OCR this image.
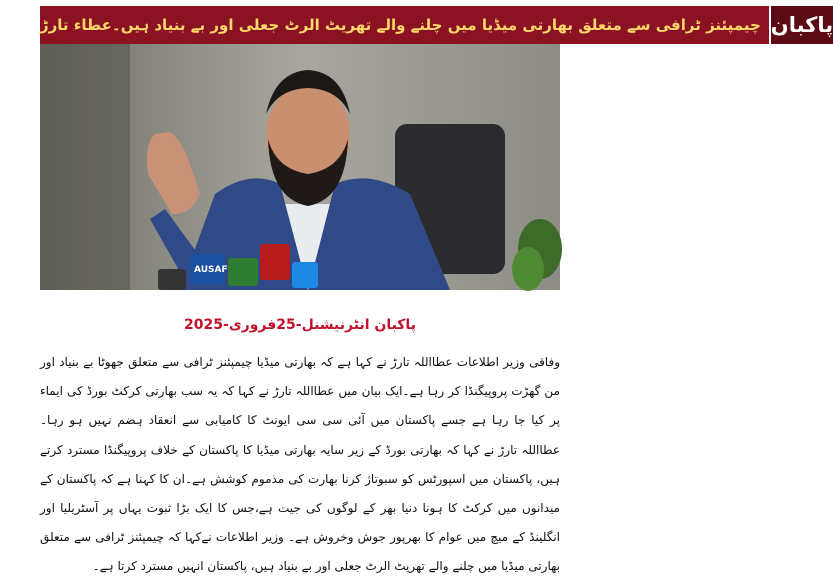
چیمپئنز ٹرافی سے متعلق بھارتی میڈیا میں چلنے والے تھریٹ الرٹ جعلی اور بے بنیاد ہیں۔عطاء تارڑ پاکبان
AUSAF
پاکبان انٹرنیشنل-25فروری-2025

وفاقی وزیر اطلاعات عطااللہ تارڑ نے کہا ہے کہ بھارتی میڈیا چیمپئنز ٹرافی سے متعلق جھوٹا بے بنیاد اور من گھڑت پروپیگنڈا کر رہا ہے۔ایک بیان میں عطااللہ تارڑ نے کہا کہ یہ سب بھارتی کرکٹ بورڈ کی ایماء پر کیا جا رہا ہے جسے پاکستان میں آئی سی سی ایونٹ کا کامیابی سے انعقاد ہضم نہیں ہو رہا۔ عطااللہ تارڑ نے کہا کہ بھارتی بورڈ کے زیر سایہ بھارتی میڈیا کا پاکستان کے خلاف پروپیگنڈا مسترد کرتے ہیں، پاکستان میں اسپورٹس کو سبوتاژ کرنا بھارت کی مذموم کوشش ہے۔ان کا کہنا ہے کہ پاکستان کے میدانوں میں کرکٹ کا ہونا دنیا بھر کے لوگوں کی جیت ہے،جس کا ایک بڑا ثبوت یہاں پر آسٹریلیا اور انگلینڈ کے میچ میں عوام کا بھرپور جوش وخروش ہے۔ وزیر اطلاعات نےکہا کہ چیمپئنز ٹرافی سے متعلق بھارتی میڈیا میں چلنے والے تھریٹ الرٹ جعلی اور بے بنیاد ہیں، پاکستان انہیں مسترد کرتا ہے۔
